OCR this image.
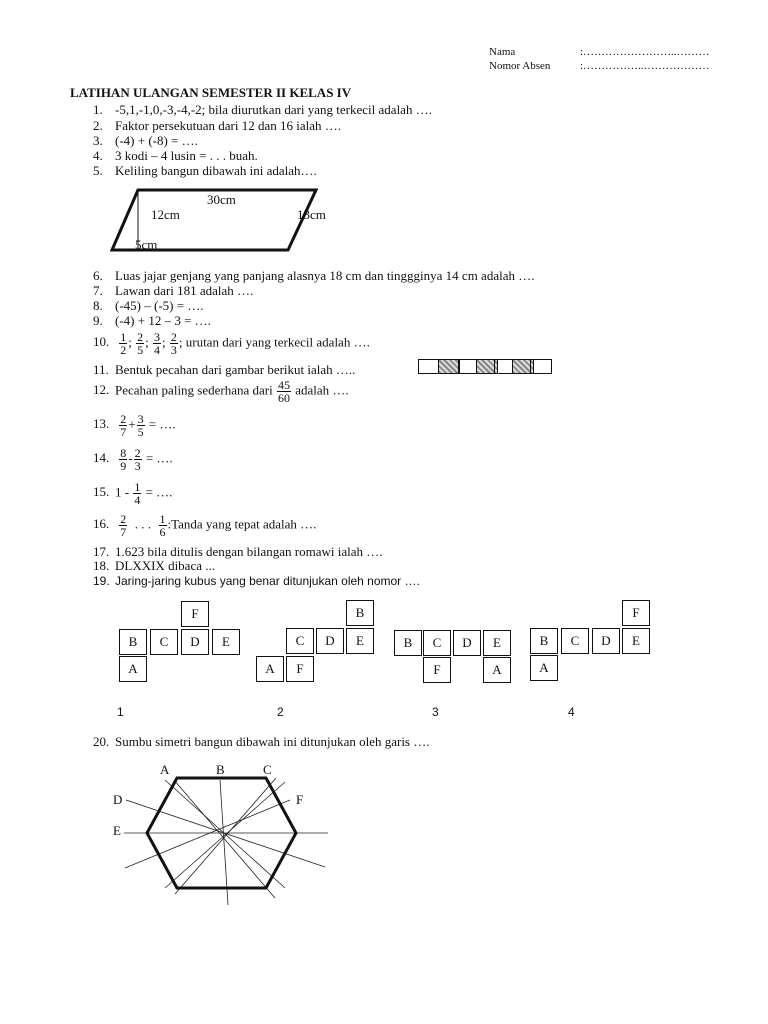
Nama	:……………………..………
Nomor Absen	:……………..………………
LATIHAN ULANGAN SEMESTER II KELAS IV
1. -5,1,-1,0,-3,-4,-2; bila diurutkan dari yang terkecil adalah ….
2. Faktor persekutuan dari 12 dan 16 ialah ….
3. (-4) + (-8) = ….
4. 3 kodi – 4 lusin = . . . buah.
5. Keliling bangun dibawah ini adalah….
30cm
12cm	13cm
5cm
6. Luas jajar genjang yang panjang alasnya 18 cm dan tinggginya 14 cm adalah ….
7. Lawan dari 181 adalah ….
8. (-45) – (-5) = ….
9. (-4) + 12 – 3 = ….
10. $\frac{1}{2}$ ; $\frac{2}{5}$ ; $\frac{3}{4}$ ; $\frac{2}{3}$ ; urutan dari yang terkecil adalah ….
11. Bentuk pecahan dari gambar berikut ialah …..
12. Pecahan paling sederhana dari $\frac{45}{60}$ adalah ….
13. $\frac{2}{7} + \frac{3}{5}$ = ….
14. $\frac{8}{9} - \frac{2}{3}$ = ….
15. $1 - \frac{1}{4}$ = ….
16. $\frac{2}{7}$ . . . $\frac{1}{6}$ :Tanda yang tepat adalah ….
17. 1.623 bila ditulis dengan bilangan romawi ialah ….
18. DLXXIX dibaca ...
19. Jaring-jaring kubus yang benar ditunjukan oleh nomor ….
F
B	C	D	E
A
B
C	D	E
A	F
B	C	D	E
F	A
F
B	C	D	E
A
1	2	3	4
20. Sumbu simetri bangun dibawah ini ditunjukan oleh garis ….
A	B	C
D	F
E
